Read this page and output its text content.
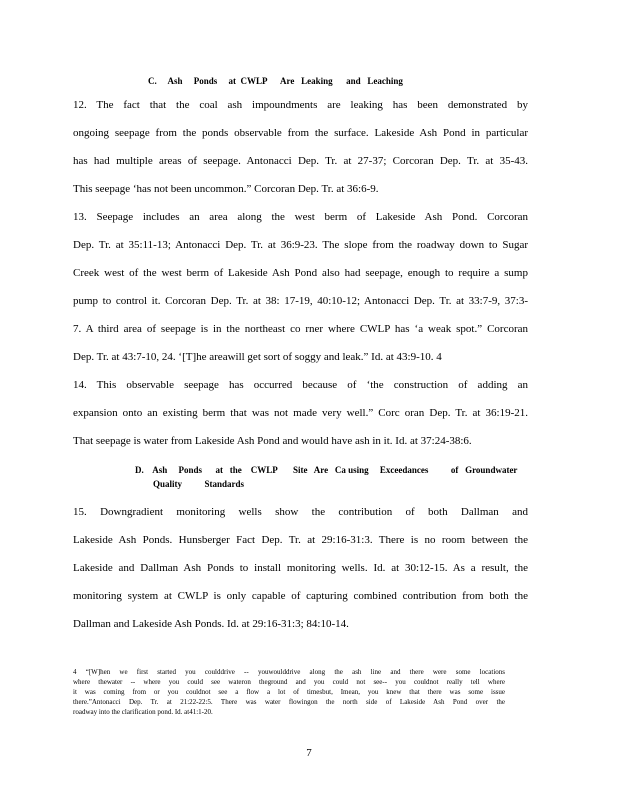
C.     Ash     Ponds     at  CWLP      Are   Leaking      and   Leaching
12. The fact that the coal ash impoundments are leaking has been demonstrated by
ongoing seepage from the ponds observable from the surface. Lakeside Ash Pond in particular
has had multiple areas of seepage. Antonacci Dep. Tr. at 27-37; Corcoran Dep. Tr. at 35-43.
This seepage ‘has not been uncommon.” Corcoran Dep. Tr. at 36:6-9.
13. Seepage includes an area along the west berm of Lakeside Ash Pond. Corcoran
Dep. Tr. at 35:11-13; Antonacci Dep. Tr. at 36:9-23. The slope from the roadway down to Sugar
Creek west of the west berm of Lakeside Ash Pond also had seepage, enough to require a sump
pump to control it. Corcoran Dep. Tr. at 38: 17-19, 40:10-12; Antonacci Dep. Tr. at 33:7-9, 37:3-
7. A third area of seepage is in the northeast co rner where CWLP has ‘a weak spot.” Corcoran
Dep. Tr. at 43:7-10, 24. ‘[T]he areawill get sort of soggy and leak.” Id. at 43:9-10. 4
14. This observable seepage has occurred because of ‘the construction of adding an
expansion onto an existing berm that was not made very well.” Corc oran Dep. Tr. at 36:19-21.
That seepage is water from Lakeside Ash Pond and would have ash in it. Id. at 37:24-38:6.
D.    Ash     Ponds      at   the    CWLP       Site   Are   Ca using     Exceedances          of   Groundwater
Quality          Standards
15. Downgradient monitoring wells show the contribution of both Dallman and
Lakeside Ash Ponds. Hunsberger Fact Dep. Tr. at 29:16-31:3. There is no room between the
Lakeside and Dallman Ash Ponds to install monitoring wells. Id. at 30:12-15. As a result, the
monitoring system at CWLP is only capable of capturing combined contribution from both the
Dallman and Lakeside Ash Ponds. Id. at 29:16-31:3; 84:10-14.
4 “[W]hen we first started you coulddrive -- youwoulddrive along the ash line and there were some locations
where thewater -- where you could see wateron theground and you could not see-- you couldnot really tell where
it was coming from or you couldnot see a flow a lot of timesbut, Imean, you knew that there was some issue
there.”Antonacci Dep. Tr. at 21:22-22:5. There was water flowingon the north side of Lakeside Ash Pond over the
roadway into the clarification pond. Id. at41:1-20.
7
